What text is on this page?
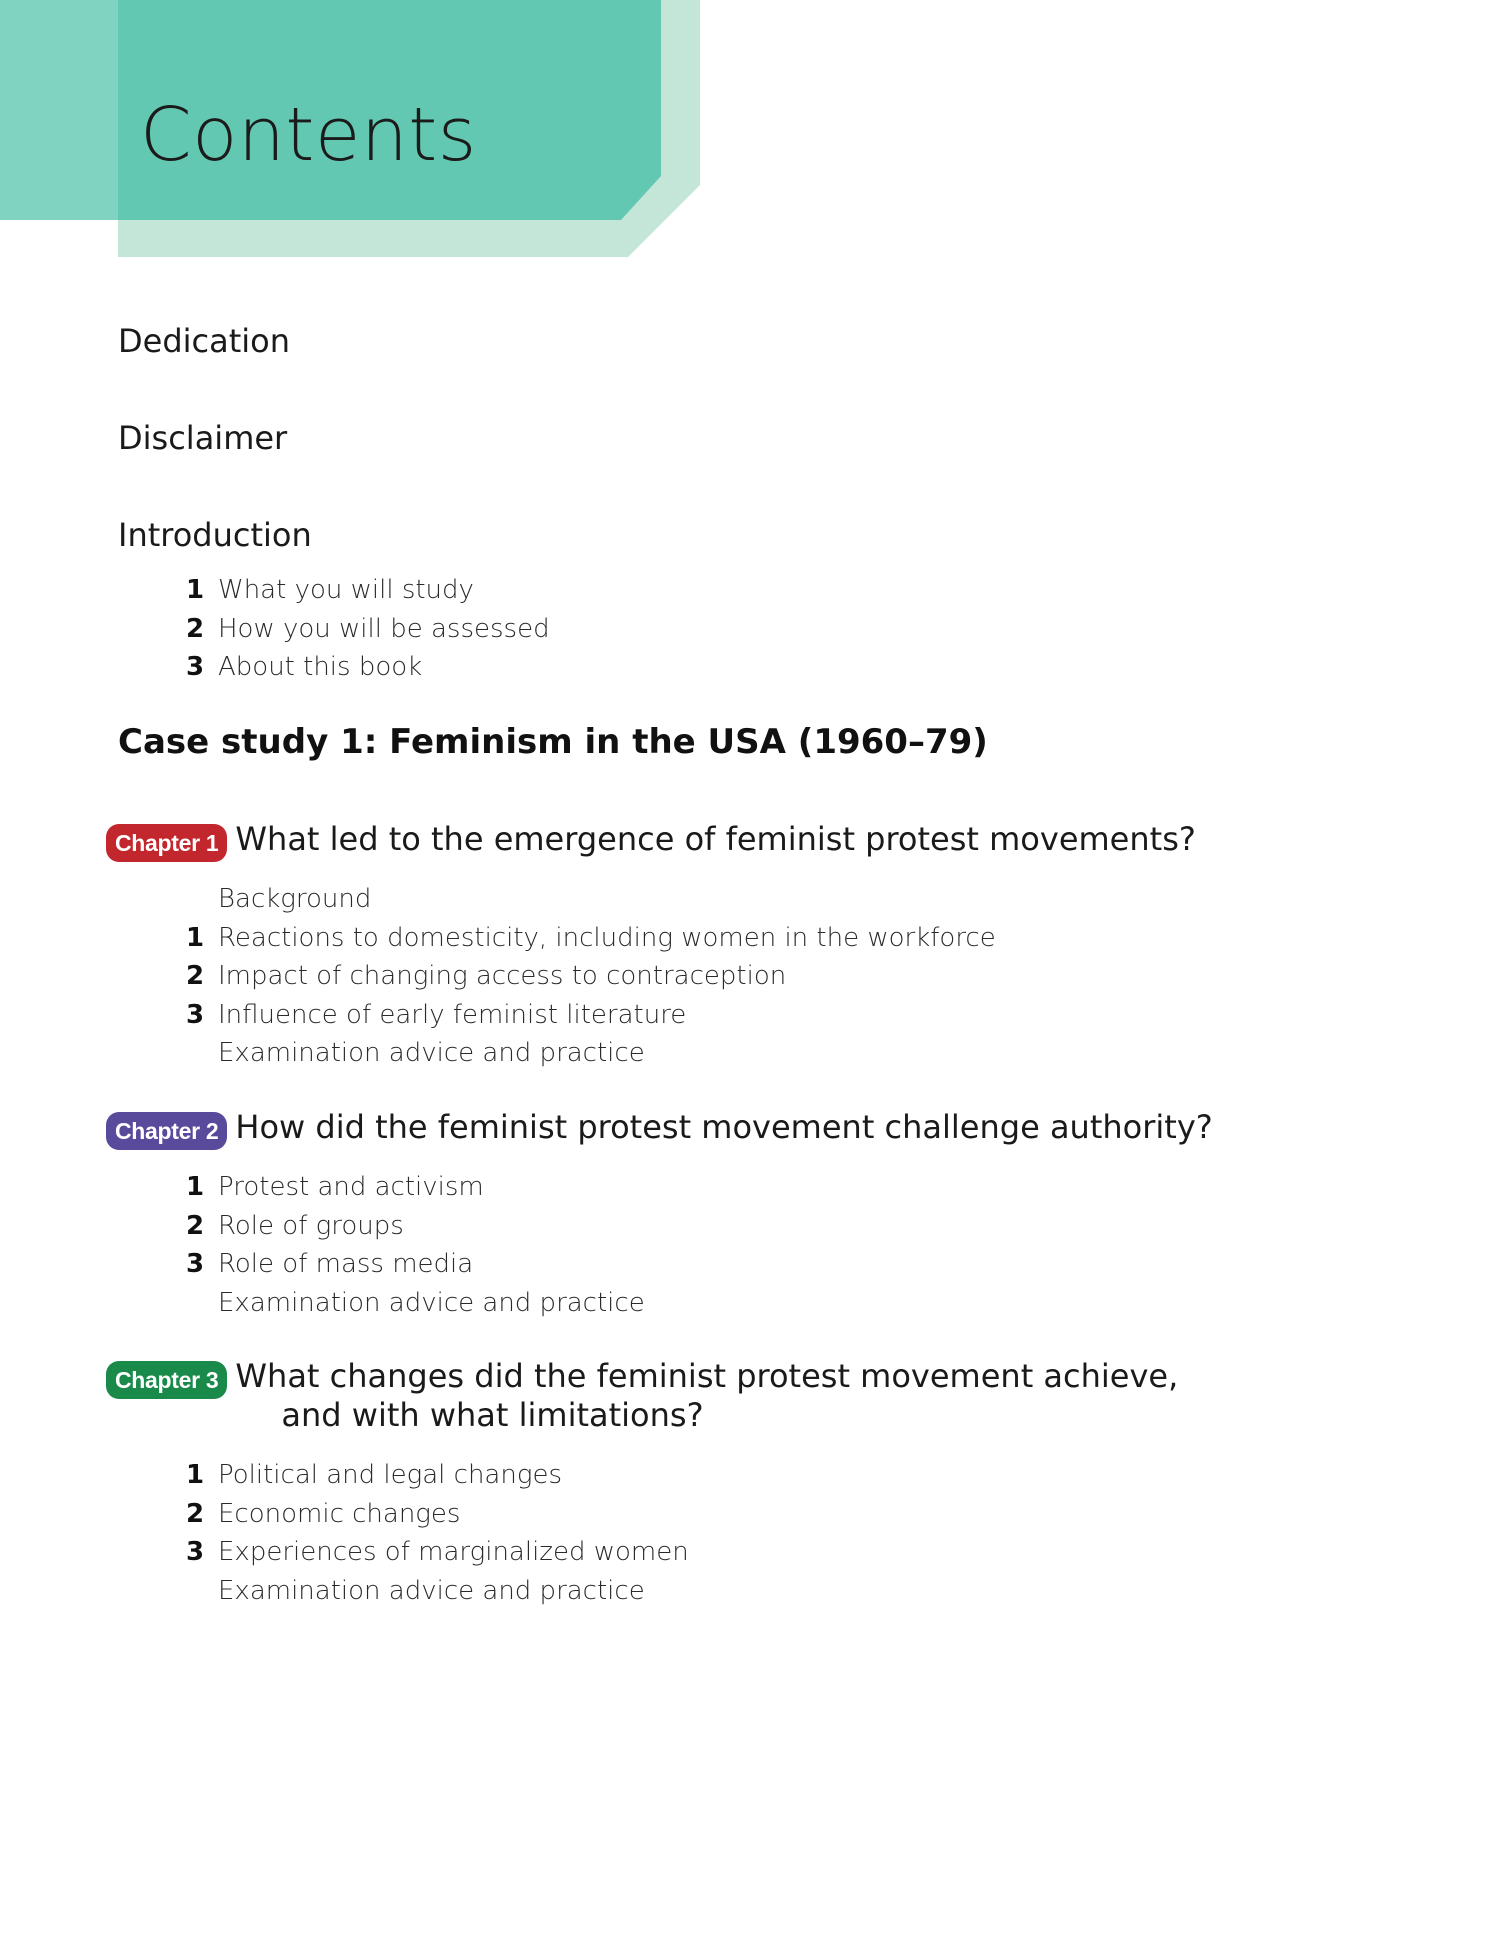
Contents

Dedication

Disclaimer

Introduction

1 What you will study
2 How you will be assessed
3 About this book
Case study 1: Feminism in the USA (1960–79)
Chapter 1 What led to the emergence of feminist protest movements?
Background
1 Reactions to domesticity, including women in the workforce
2 Impact of changing access to contraception
3 Influence of early feminist literature
Examination advice and practice
Chapter 2 How did the feminist protest movement challenge authority?
1 Protest and activism
2 Role of groups
3 Role of mass media
Examination advice and practice
Chapter 3 What changes did the feminist protest movement achieve,
and with what limitations?
1 Political and legal changes
2 Economic changes
3 Experiences of marginalized women
Examination advice and practice
